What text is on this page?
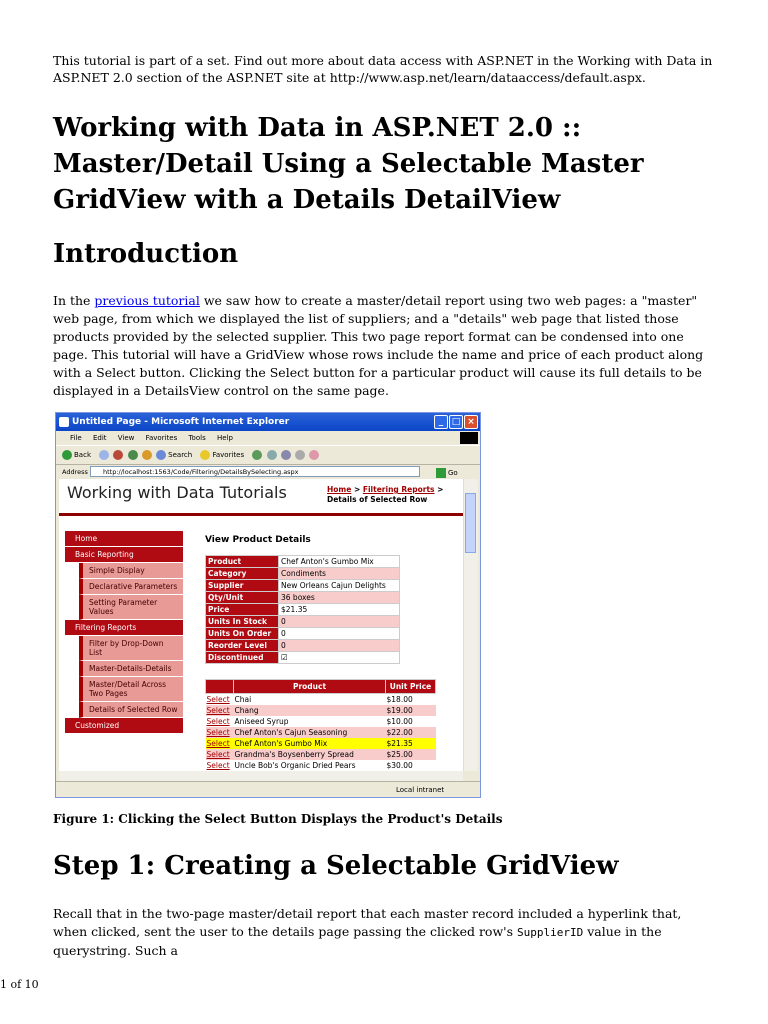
This tutorial is part of a set. Find out more about data access with ASP.NET in the Working with Data in ASP.NET 2.0 section of the ASP.NET site at http://www.asp.net/learn/dataaccess/default.aspx.

Working with Data in ASP.NET 2.0 :: Master/Detail Using a Selectable Master GridView with a Details DetailView
Introduction

In the previous tutorial we saw how to create a master/detail report using two web pages: a "master" web page, from which we displayed the list of suppliers; and a "details" web page that listed those products provided by the selected supplier. This two page report format can be condensed into one page. This tutorial will have a GridView whose rows include the name and price of each product along with a Select button. Clicking the Select button for a particular product will cause its full details to be displayed in a DetailsView control on the same page.

Figure 1: Clicking the Select Button Displays the Product's Details

Step 1: Creating a Selectable GridView

Recall that in the two-page master/detail report that each master record included a hyperlink that, when clicked, sent the user to the details page passing the clicked row's SupplierID value in the querystring. Such a

Untitled Page - Microsoft Internet Explorer	_ □ ×
File Edit View Favorites Tools Help
Back	Search	Favorites
Address	http://localhost:1563/Code/Filtering/DetailsBySelecting.aspx	Go
Working with Data Tutorials	Home > Filtering Reports >
Details of Selected Row
Home
Basic Reporting
Simple Display
Declarative Parameters
Setting Parameter Values
Filtering Reports
Filter by Drop-Down List
Master-Details-Details
Master/Detail Across Two Pages
Details of Selected Row
Customized
View Product Details
Product	Chef Anton's Gumbo Mix
Category	Condiments
Supplier	New Orleans Cajun Delights
Qty/Unit	36 boxes
Price	$21.35
Units In Stock	0
Units On Order	0
Reorder Level	0
Discontinued	☑
	Product	Unit Price
Select	Chai	$18.00
Select	Chang	$19.00
Select	Aniseed Syrup	$10.00
Select	Chef Anton's Cajun Seasoning	$22.00
Select	Chef Anton's Gumbo Mix	$21.35
Select	Grandma's Boysenberry Spread	$25.00
Select	Uncle Bob's Organic Dried Pears	$30.00
Local intranet
1 of 10
